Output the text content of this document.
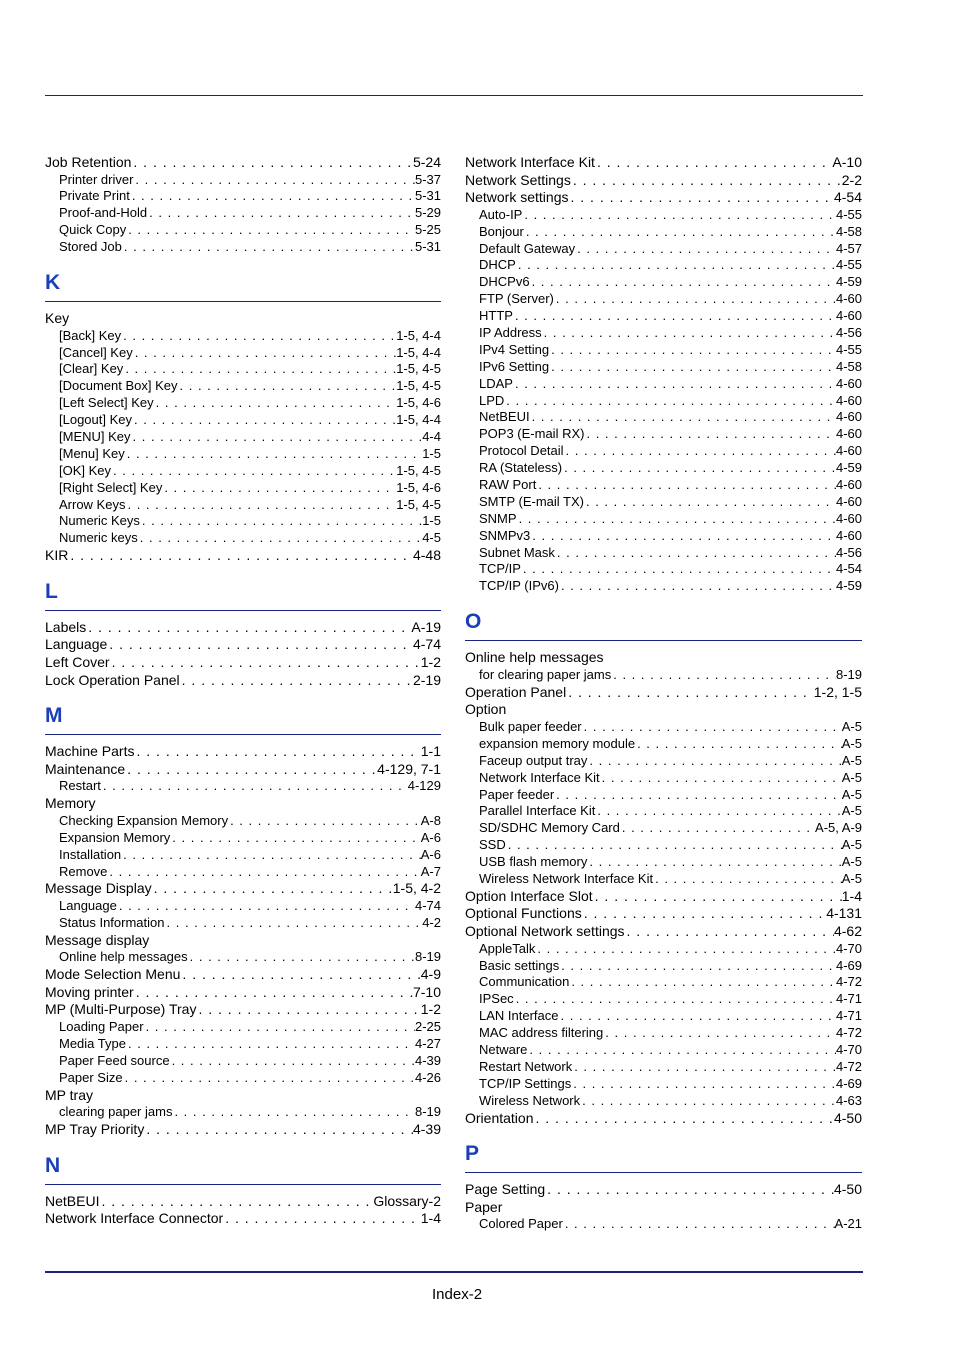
Job Retention . . .	5-24
Printer driver . . .	5-37
Private Print . . .	5-31
Proof-and-Hold . . .	5-29
Quick Copy . . .	5-25
Stored Job . . .	5-31
K
Key
[Back] Key . . .	1-5, 4-4
[Cancel] Key . . .	1-5, 4-4
[Clear] Key . . .	1-5, 4-5
[Document Box] Key . . .	1-5, 4-5
[Left Select] Key . . .	1-5, 4-6
[Logout] Key . . .	1-5, 4-4
[MENU] Key . . .	4-4
[Menu] Key . . .	1-5
[OK] Key . . .	1-5, 4-5
[Right Select] Key . . .	1-5, 4-6
Arrow Keys . . .	1-5, 4-5
Numeric Keys . . .	1-5
Numeric keys . . .	4-5
KIR . . .	4-48
L
Labels . . .	A-19
Language . . .	4-74
Left Cover . . .	1-2
Lock Operation Panel . . .	2-19
M
Machine Parts . . .	1-1
Maintenance . . .	4-129, 7-1
Restart . . .	4-129
Memory
Checking Expansion Memory . . .	A-8
Expansion Memory . . .	A-6
Installation . . .	A-6
Remove . . .	A-7
Message Display . . .	1-5, 4-2
Language . . .	4-74
Status Information . . .	4-2
Message display
Online help messages . . .	8-19
Mode Selection Menu . . .	4-9
Moving printer . . .	7-10
MP (Multi-Purpose) Tray . . .	1-2
Loading Paper . . .	2-25
Media Type . . .	4-27
Paper Feed source . . .	4-39
Paper Size . . .	4-26
MP tray
clearing paper jams . . .	8-19
MP Tray Priority . . .	4-39
N
NetBEUI . . .	Glossary-2
Network Interface Connector . . .	1-4
Network Interface Kit . . .	A-10
Network Settings . . .	2-2
Network settings . . .	4-54
Auto-IP . . .	4-55
Bonjour . . .	4-58
Default Gateway . . .	4-57
DHCP . . .	4-55
DHCPv6 . . .	4-59
FTP (Server) . . .	4-60
HTTP . . .	4-60
IP Address . . .	4-56
IPv4 Setting . . .	4-55
IPv6 Setting . . .	4-58
LDAP . . .	4-60
LPD . . .	4-60
NetBEUI . . .	4-60
POP3 (E-mail RX) . . .	4-60
Protocol Detail . . .	4-60
RA (Stateless) . . .	4-59
RAW Port . . .	4-60
SMTP (E-mail TX) . . .	4-60
SNMP . . .	4-60
SNMPv3 . . .	4-60
Subnet Mask . . .	4-56
TCP/IP . . .	4-54
TCP/IP (IPv6) . . .	4-59
O
Online help messages
for clearing paper jams . . .	8-19
Operation Panel . . .	1-2, 1-5
Option
Bulk paper feeder . . .	A-5
expansion memory module . . .	A-5
Faceup output tray . . .	A-5
Network Interface Kit . . .	A-5
Paper feeder . . .	A-5
Parallel Interface Kit . . .	A-5
SD/SDHC Memory Card . . .	A-5, A-9
SSD . . .	A-5
USB flash memory . . .	A-5
Wireless Network Interface Kit . . .	A-5
Option Interface Slot . . .	1-4
Optional Functions . . .	4-131
Optional Network settings . . .	4-62
AppleTalk . . .	4-70
Basic settings . . .	4-69
Communication . . .	4-72
IPSec . . .	4-71
LAN Interface . . .	4-71
MAC address filtering . . .	4-72
Netware . . .	4-70
Restart Network . . .	4-72
TCP/IP Settings . . .	4-69
Wireless Network . . .	4-63
Orientation . . .	4-50
P
Page Setting . . .	4-50
Paper
Colored Paper . . .	A-21
Index-2
